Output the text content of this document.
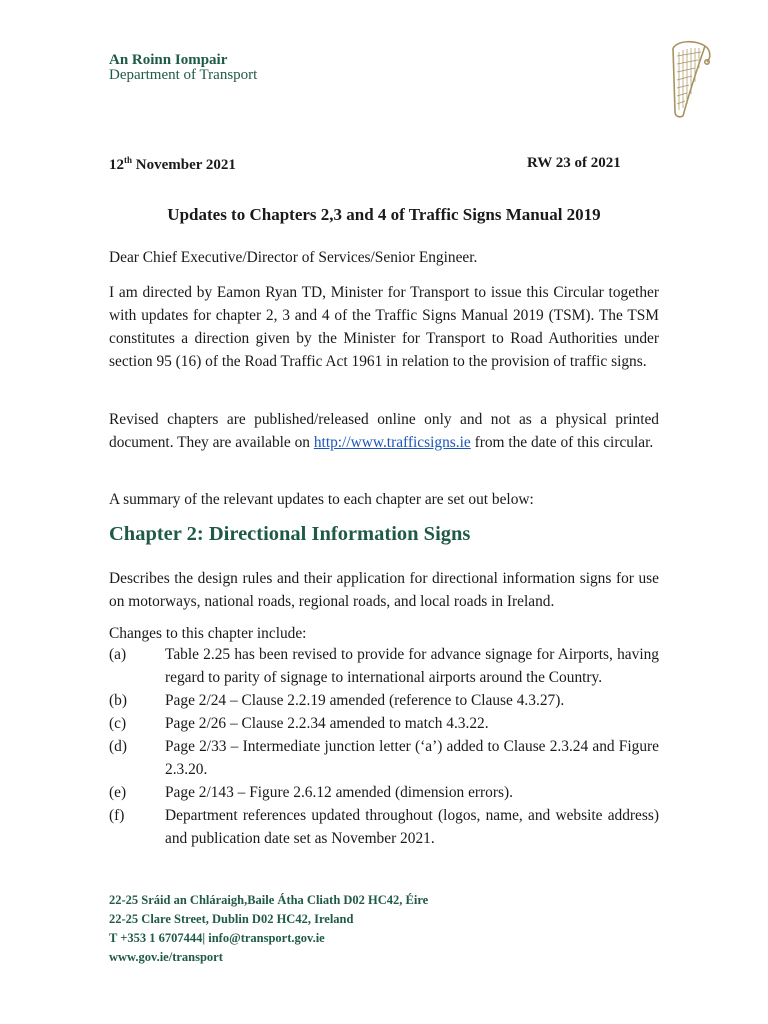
An Roinn Iompair
Department of Transport
12th November 2021	RW 23 of 2021
Updates to Chapters 2,3 and 4 of Traffic Signs Manual 2019
Dear Chief Executive/Director of Services/Senior Engineer.
I am directed by Eamon Ryan TD, Minister for Transport to issue this Circular together with updates for chapter 2, 3 and 4 of the Traffic Signs Manual 2019 (TSM). The TSM constitutes a direction given by the Minister for Transport to Road Authorities under section 95 (16) of the Road Traffic Act 1961 in relation to the provision of traffic signs.
Revised chapters are published/released online only and not as a physical printed document. They are available on http://www.trafficsigns.ie from the date of this circular.
A summary of the relevant updates to each chapter are set out below:
Chapter 2: Directional Information Signs
Describes the design rules and their application for directional information signs for use on motorways, national roads, regional roads, and local roads in Ireland.
Changes to this chapter include:
(a)	Table 2.25 has been revised to provide for advance signage for Airports, having regard to parity of signage to international airports around the Country.
(b)	Page 2/24 – Clause 2.2.19 amended (reference to Clause 4.3.27).
(c)	Page 2/26 – Clause 2.2.34 amended to match 4.3.22.
(d)	Page 2/33 – Intermediate junction letter (‘a’) added to Clause 2.3.24 and Figure 2.3.20.
(e)	Page 2/143 – Figure 2.6.12 amended (dimension errors).
(f)	Department references updated throughout (logos, name, and website address) and publication date set as November 2021.
22-25 Sráid an Chláraigh,Baile Átha Cliath D02 HC42, Éire
22-25 Clare Street, Dublin D02 HC42, Ireland
T +353 1 6707444| info@transport.gov.ie
www.gov.ie/transport
